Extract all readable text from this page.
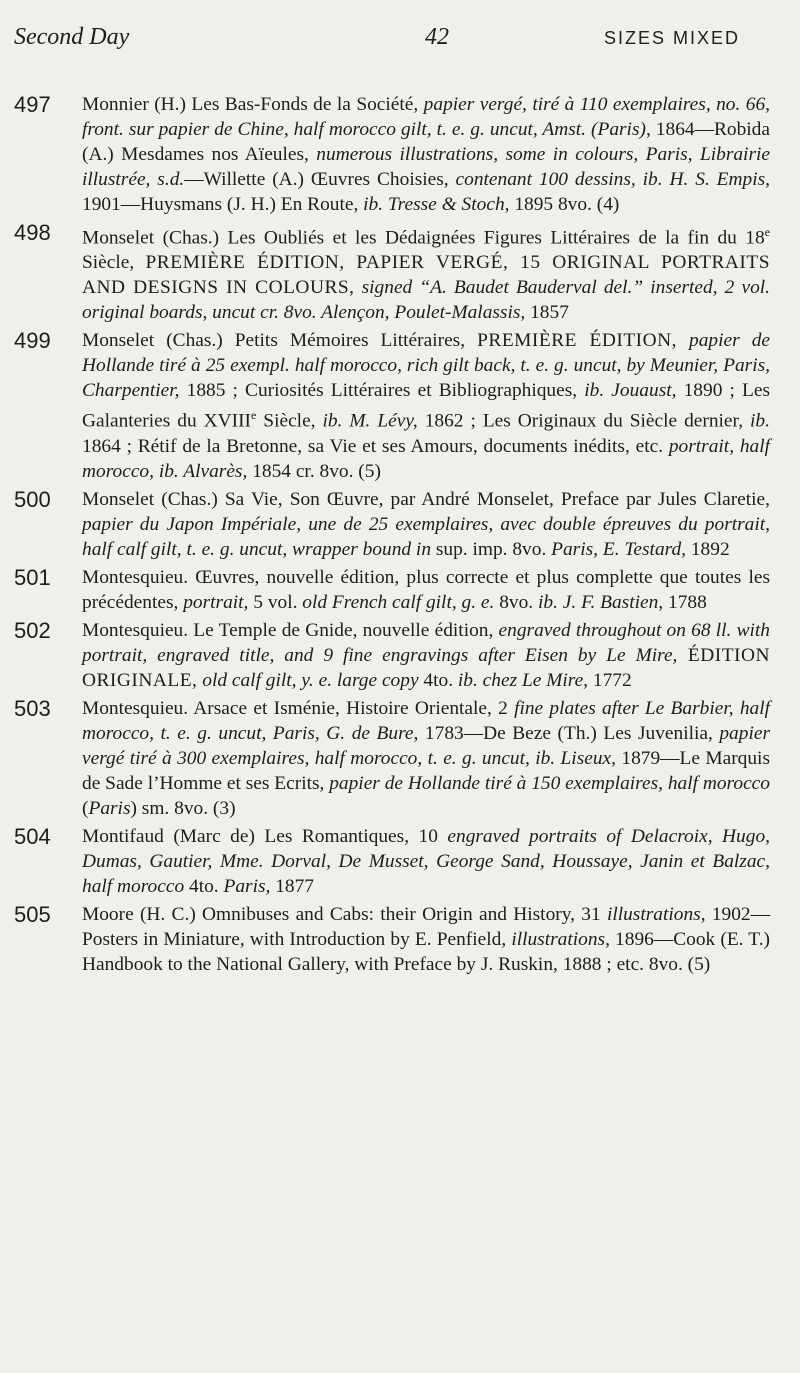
Second Day	42	SIZES MIXED
497	Monnier (H.) Les Bas-Fonds de la Société, papier vergé, tiré à 110 exemplaires, no. 66, front. sur papier de Chine, half morocco gilt, t. e. g. uncut, Amst. (Paris), 1864—Robida (A.) Mesdames nos Aïeules, numerous illustrations, some in colours, Paris, Librairie illustrée, s.d.—Willette (A.) Œuvres Choisies, contenant 100 dessins, ib. H. S. Empis, 1901—Huysmans (J. H.) En Route, ib. Tresse & Stoch, 1895 8vo. (4)
498	Monselet (Chas.) Les Oubliés et les Dédaignées Figures Littéraires de la fin du 18e Siècle, PREMIÈRE ÉDITION, PAPIER VERGÉ, 15 ORIGINAL PORTRAITS AND DESIGNS IN COLOURS, signed “A. Baudet Bauderval del.” inserted, 2 vol. original boards, uncut cr. 8vo. Alençon, Poulet-Malassis, 1857
499	Monselet (Chas.) Petits Mémoires Littéraires, PREMIÈRE ÉDITION, papier de Hollande tiré à 25 exempl. half morocco, rich gilt back, t. e. g. uncut, by Meunier, Paris, Charpentier, 1885 ; Curiosités Littéraires et Bibliographiques, ib. Jouaust, 1890 ; Les Galanteries du XVIIIe Siècle, ib. M. Lévy, 1862 ; Les Originaux du Siècle dernier, ib. 1864 ; Rétif de la Bretonne, sa Vie et ses Amours, documents inédits, etc. portrait, half morocco, ib. Alvarès, 1854 cr. 8vo. (5)
500	Monselet (Chas.) Sa Vie, Son Œuvre, par André Monselet, Preface par Jules Claretie, papier du Japon Impériale, une de 25 exemplaires, avec double épreuves du portrait, half calf gilt, t. e. g. uncut, wrapper bound in sup. imp. 8vo. Paris, E. Testard, 1892
501	Montesquieu. Œuvres, nouvelle édition, plus correcte et plus complette que toutes les précédentes, portrait, 5 vol. old French calf gilt, g. e. 8vo. ib. J. F. Bastien, 1788
502	Montesquieu. Le Temple de Gnide, nouvelle édition, engraved throughout on 68 ll. with portrait, engraved title, and 9 fine engravings after Eisen by Le Mire, ÉDITION ORIGINALE, old calf gilt, y. e. large copy 4to. ib. chez Le Mire, 1772
503	Montesquieu. Arsace et Isménie, Histoire Orientale, 2 fine plates after Le Barbier, half morocco, t. e. g. uncut, Paris, G. de Bure, 1783—De Beze (Th.) Les Juvenilia, papier vergé tiré à 300 exemplaires, half morocco, t. e. g. uncut, ib. Liseux, 1879—Le Marquis de Sade l’Homme et ses Ecrits, papier de Hollande tiré à 150 exemplaires, half morocco (Paris) sm. 8vo. (3)
504	Montifaud (Marc de) Les Romantiques, 10 engraved portraits of Delacroix, Hugo, Dumas, Gautier, Mme. Dorval, De Musset, George Sand, Houssaye, Janin et Balzac, half morocco 4to. Paris, 1877
505	Moore (H. C.) Omnibuses and Cabs: their Origin and History, 31 illustrations, 1902—Posters in Miniature, with Introduction by E. Penfield, illustrations, 1896—Cook (E. T.) Handbook to the National Gallery, with Preface by J. Ruskin, 1888 ; etc. 8vo. (5)
